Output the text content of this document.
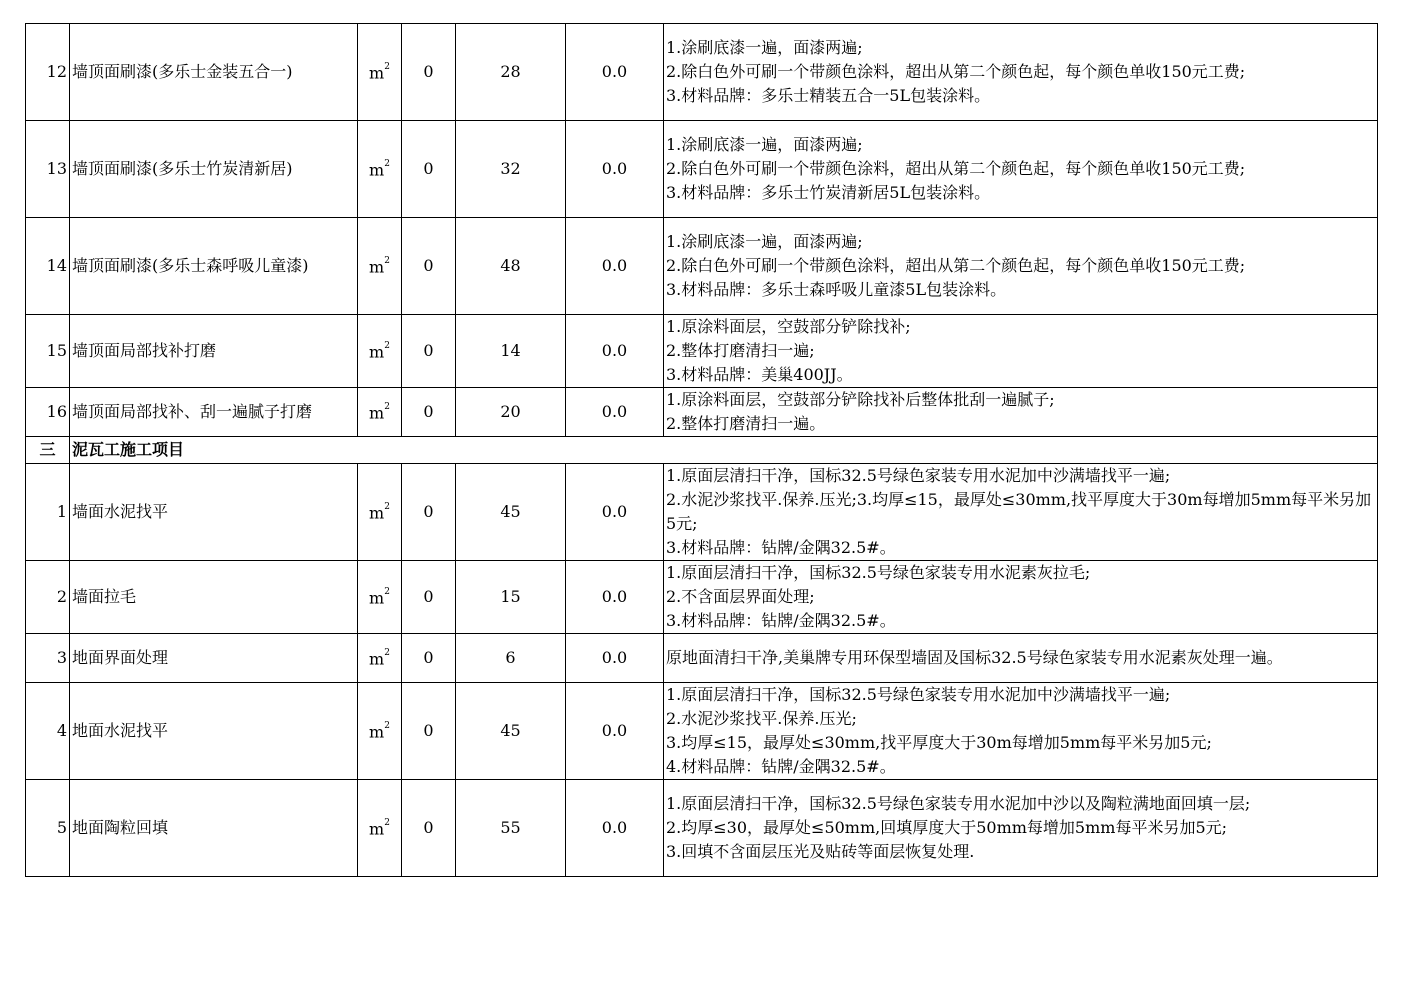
12	墙顶面刷漆(多乐士金装五合一)	$m^2$	0	28	0.0	1.涂刷底漆一遍，面漆两遍;
2.除白色外可刷一个带颜色涂料，超出从第二个颜色起，每个颜色单收150元工费;
3.材料品牌：多乐士精装五合一5L包装涂料。

13	墙顶面刷漆(多乐士竹炭清新居)	$m^2$	0	32	0.0	1.涂刷底漆一遍，面漆两遍;
2.除白色外可刷一个带颜色涂料，超出从第二个颜色起，每个颜色单收150元工费;
3.材料品牌：多乐士竹炭清新居5L包装涂料。

14	墙顶面刷漆(多乐士森呼吸儿童漆)	$m^2$	0	48	0.0	1.涂刷底漆一遍，面漆两遍;
2.除白色外可刷一个带颜色涂料，超出从第二个颜色起，每个颜色单收150元工费;
3.材料品牌：多乐士森呼吸儿童漆5L包装涂料。

15	墙顶面局部找补打磨	$m^2$	0	14	0.0	1.原涂料面层，空鼓部分铲除找补;
2.整体打磨清扫一遍;
3.材料品牌：美巢400JJ。

16	墙顶面局部找补、刮一遍腻子打磨	$m^2$	0	20	0.0	1.原涂料面层，空鼓部分铲除找补后整体批刮一遍腻子;
2.整体打磨清扫一遍。

三	泥瓦工施工项目					
1	墙面水泥找平	$m^2$	0	45	0.0	1.原面层清扫干净，国标32.5号绿色家装专用水泥加中沙满墙找平一遍;
2.水泥沙浆找平.保养.压光;3.均厚≤15，最厚处≤30mm,找平厚度大于30m每增加5mm每平米另加5元;
3.材料品牌：钻牌/金隅32.5#。

2	墙面拉毛	$m^2$	0	15	0.0	1.原面层清扫干净，国标32.5号绿色家装专用水泥素灰拉毛;
2.不含面层界面处理;
3.材料品牌：钻牌/金隅32.5#。

3	地面界面处理	$m^2$	0	6	0.0	原地面清扫干净,美巢牌专用环保型墙固及国标32.5号绿色家装专用水泥素灰处理一遍。

4	地面水泥找平	$m^2$	0	45	0.0	1.原面层清扫干净，国标32.5号绿色家装专用水泥加中沙满墙找平一遍;
2.水泥沙浆找平.保养.压光;
3.均厚≤15，最厚处≤30mm,找平厚度大于30m每增加5mm每平米另加5元;
4.材料品牌：钻牌/金隅32.5#。

5	地面陶粒回填	$m^2$	0	55	0.0	1.原面层清扫干净，国标32.5号绿色家装专用水泥加中沙以及陶粒满地面回填一层;
2.均厚≤30，最厚处≤50mm,回填厚度大于50mm每增加5mm每平米另加5元;
3.回填不含面层压光及贴砖等面层恢复处理.
